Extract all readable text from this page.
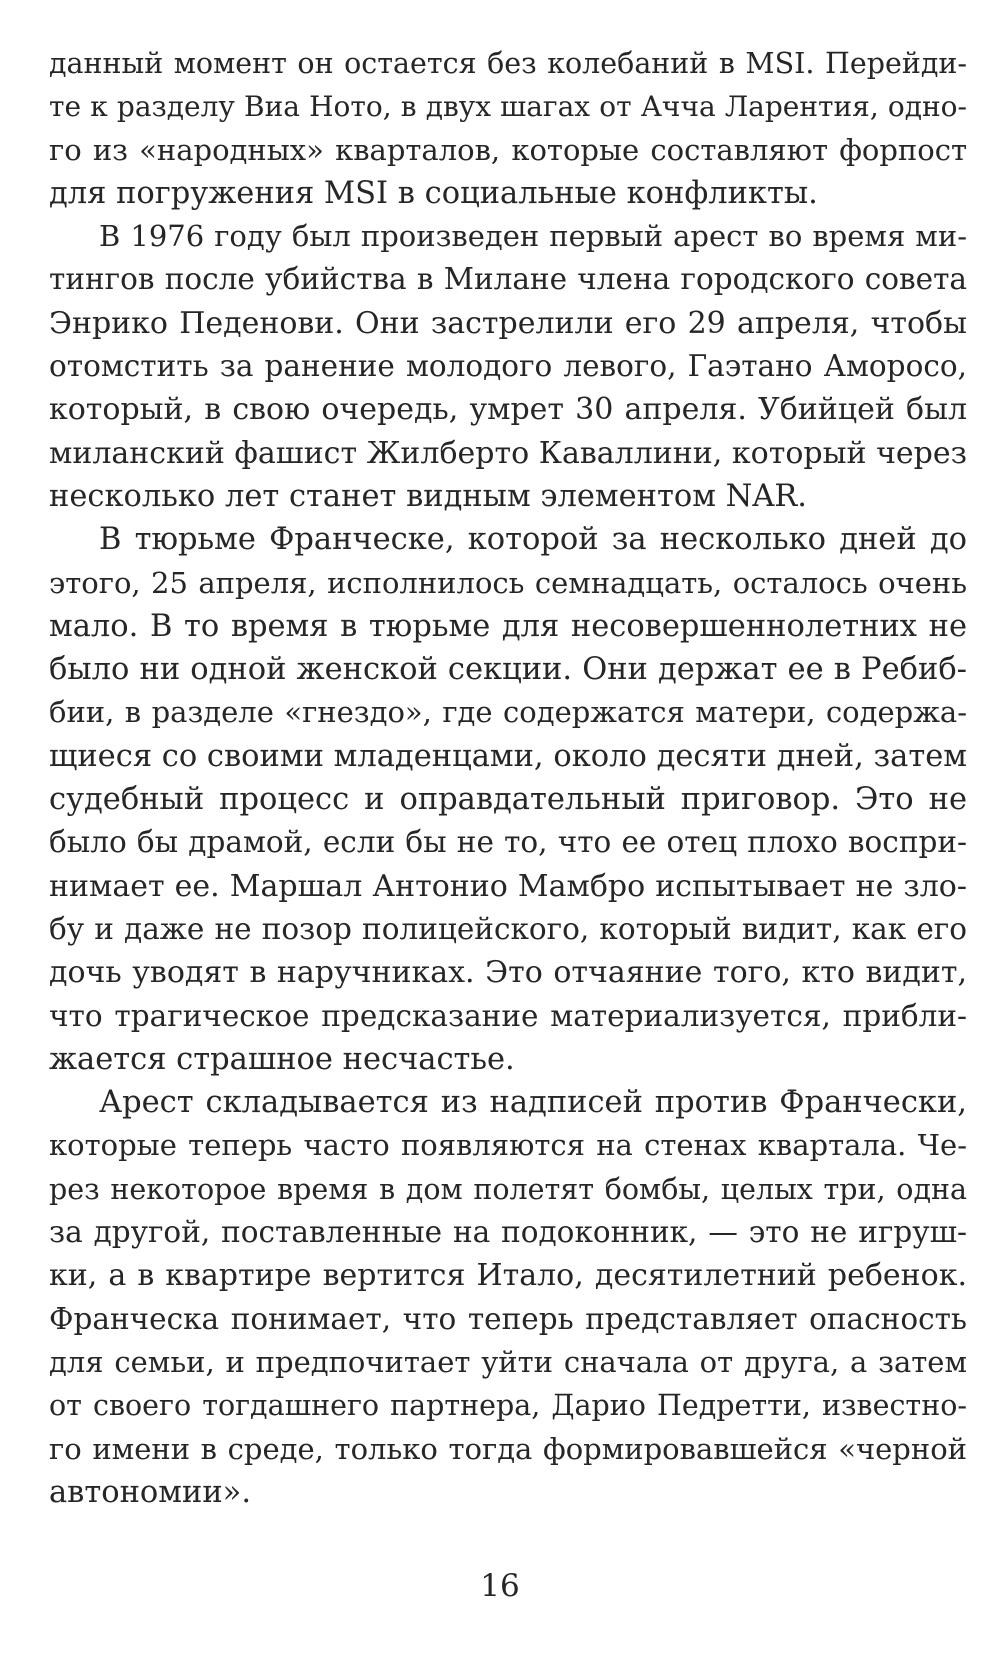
данный момент он остается без колебаний в MSI. Перейди-
те к разделу Виа Ното, в двух шагах от Ачча Ларентия, одно-
го из «народных» кварталов, которые составляют форпост
для погружения MSI в социальные конфликты.
В 1976 году был произведен первый арест во время ми-
тингов после убийства в Милане члена городского совета
Энрико Педенови. Они застрелили его 29 апреля, чтобы
отомстить за ранение молодого левого, Гаэтано Аморосо,
который, в свою очередь, умрет 30 апреля. Убийцей был
миланский фашист Жилберто Каваллини, который через
несколько лет станет видным элементом NAR.
В тюрьме Франческе, которой за несколько дней до
этого, 25 апреля, исполнилось семнадцать, осталось очень
мало. В то время в тюрьме для несовершеннолетних не
было ни одной женской секции. Они держат ее в Ребиб-
бии, в разделе «гнездо», где содержатся матери, содержа-
щиеся со своими младенцами, около десяти дней, затем
судебный процесс и оправдательный приговор. Это не
было бы драмой, если бы не то, что ее отец плохо воспри-
нимает ее. Маршал Антонио Мамбро испытывает не зло-
бу и даже не позор полицейского, который видит, как его
дочь уводят в наручниках. Это отчаяние того, кто видит,
что трагическое предсказание материализуется, прибли-
жается страшное несчастье.
Арест складывается из надписей против Франчески,
которые теперь часто появляются на стенах квартала. Че-
рез некоторое время в дом полетят бомбы, целых три, одна
за другой, поставленные на подоконник, — это не игруш-
ки, а в квартире вертится Итало, десятилетний ребенок.
Франческа понимает, что теперь представляет опасность
для семьи, и предпочитает уйти сначала от друга, а затем
от своего тогдашнего партнера, Дарио Педретти, известно-
го имени в среде, только тогда формировавшейся «черной
автономии».
16
